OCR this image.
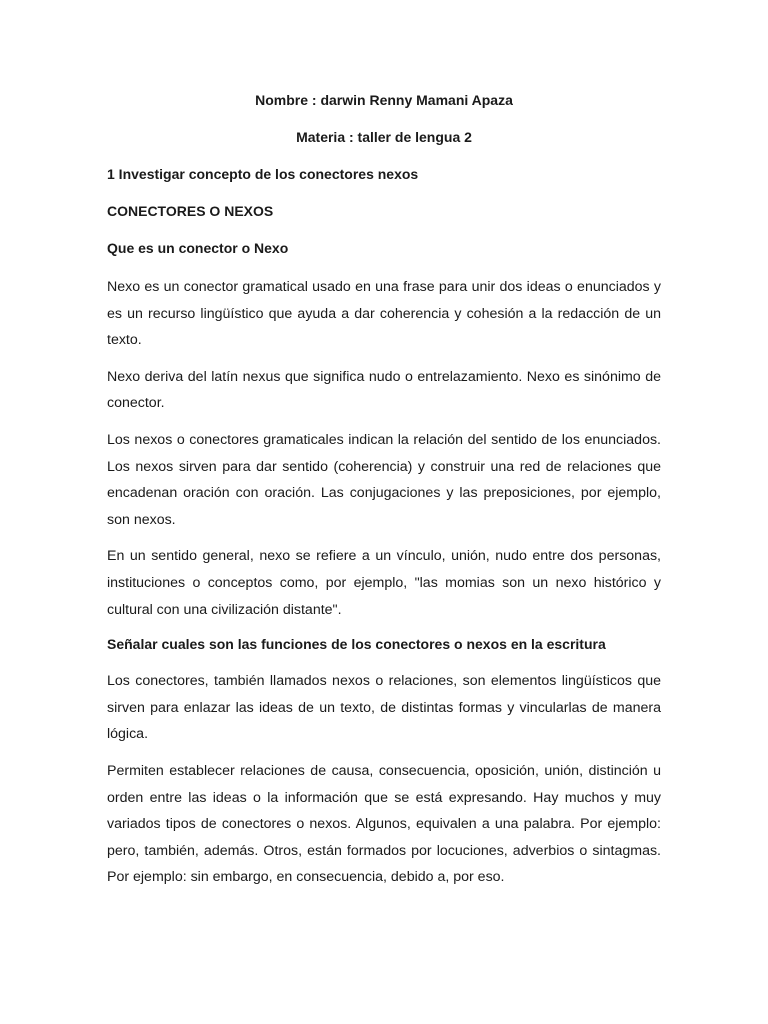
Nombre : darwin Renny Mamani Apaza

Materia : taller de lengua 2

1 Investigar concepto de los conectores nexos

CONECTORES O NEXOS

Que es un conector o Nexo

Nexo es un conector gramatical usado en una frase para unir dos ideas o enunciados y es un recurso lingüístico que ayuda a dar coherencia y cohesión a la redacción de un texto.

Nexo deriva del latín nexus que significa nudo o entrelazamiento. Nexo es sinónimo de conector.

Los nexos o conectores gramaticales indican la relación del sentido de los enunciados. Los nexos sirven para dar sentido (coherencia) y construir una red de relaciones que encadenan oración con oración. Las conjugaciones y las preposiciones, por ejemplo, son nexos.

En un sentido general, nexo se refiere a un vínculo, unión, nudo entre dos personas, instituciones o conceptos como, por ejemplo, "las momias son un nexo histórico y cultural con una civilización distante".

Señalar cuales son las funciones de los conectores o nexos en la escritura

Los conectores, también llamados nexos o relaciones, son elementos lingüísticos que sirven para enlazar las ideas de un texto, de distintas formas y vincularlas de manera lógica.

Permiten establecer relaciones de causa, consecuencia, oposición, unión, distinción u orden entre las ideas o la información que se está expresando. Hay muchos y muy variados tipos de conectores o nexos. Algunos, equivalen a una palabra. Por ejemplo: pero, también, además. Otros, están formados por locuciones, adverbios o sintagmas. Por ejemplo: sin embargo, en consecuencia, debido a, por eso.
